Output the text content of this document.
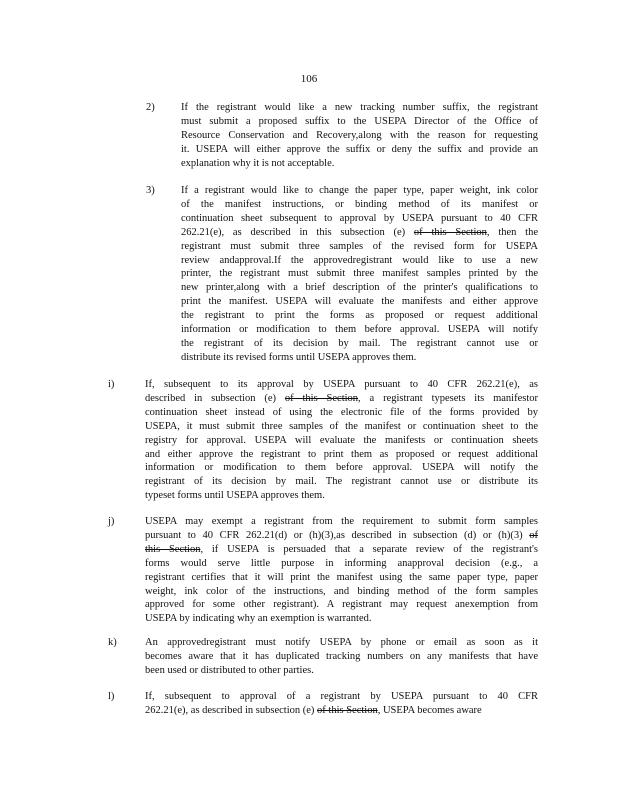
106
2)	If the registrant would like a new tracking number suffix, the registrant
must submit a proposed suffix to the USEPA Director of the Office of
Resource Conservation and Recovery,along with the reason for requesting
it. USEPA will either approve the suffix or deny the suffix and provide an
explanation why it is not acceptable.
3)	If a registrant would like to change the paper type, paper weight, ink color
of the manifest instructions, or binding method of its manifest or
continuation sheet subsequent to approval by USEPA pursuant to 40 CFR
262.21(e), as described in this subsection (e) of this Section, then the
registrant must submit three samples of the revised form for USEPA
review andapproval.If the approvedregistrant would like to use a new
printer, the registrant must submit three manifest samples printed by the
new printer,along with a brief description of the printer's qualifications to
print the manifest. USEPA will evaluate the manifests and either approve
the registrant to print the forms as proposed or request additional
information or modification to them before approval. USEPA will notify
the registrant of its decision by mail. The registrant cannot use or
distribute its revised forms until USEPA approves them.
i)	If, subsequent to its approval by USEPA pursuant to 40 CFR 262.21(e), as
described in subsection (e) of this Section, a registrant typesets its manifestor
continuation sheet instead of using the electronic file of the forms provided by
USEPA, it must submit three samples of the manifest or continuation sheet to the
registry for approval. USEPA will evaluate the manifests or continuation sheets
and either approve the registrant to print them as proposed or request additional
information or modification to them before approval. USEPA will notify the
registrant of its decision by mail. The registrant cannot use or distribute its
typeset forms until USEPA approves them.
j)	USEPA may exempt a registrant from the requirement to submit form samples
pursuant to 40 CFR 262.21(d) or (h)(3),as described in subsection (d) or (h)(3) of
this Section, if USEPA is persuaded that a separate review of the registrant's
forms would serve little purpose in informing anapproval decision (e.g., a
registrant certifies that it will print the manifest using the same paper type, paper
weight, ink color of the instructions, and binding method of the form samples
approved for some other registrant). A registrant may request anexemption from
USEPA by indicating why an exemption is warranted.
k)	An approvedregistrant must notify USEPA by phone or email as soon as it
becomes aware that it has duplicated tracking numbers on any manifests that have
been used or distributed to other parties.
l)	If, subsequent to approval of a registrant by USEPA pursuant to 40 CFR
262.21(e), as described in subsection (e) of this Section, USEPA becomes aware
